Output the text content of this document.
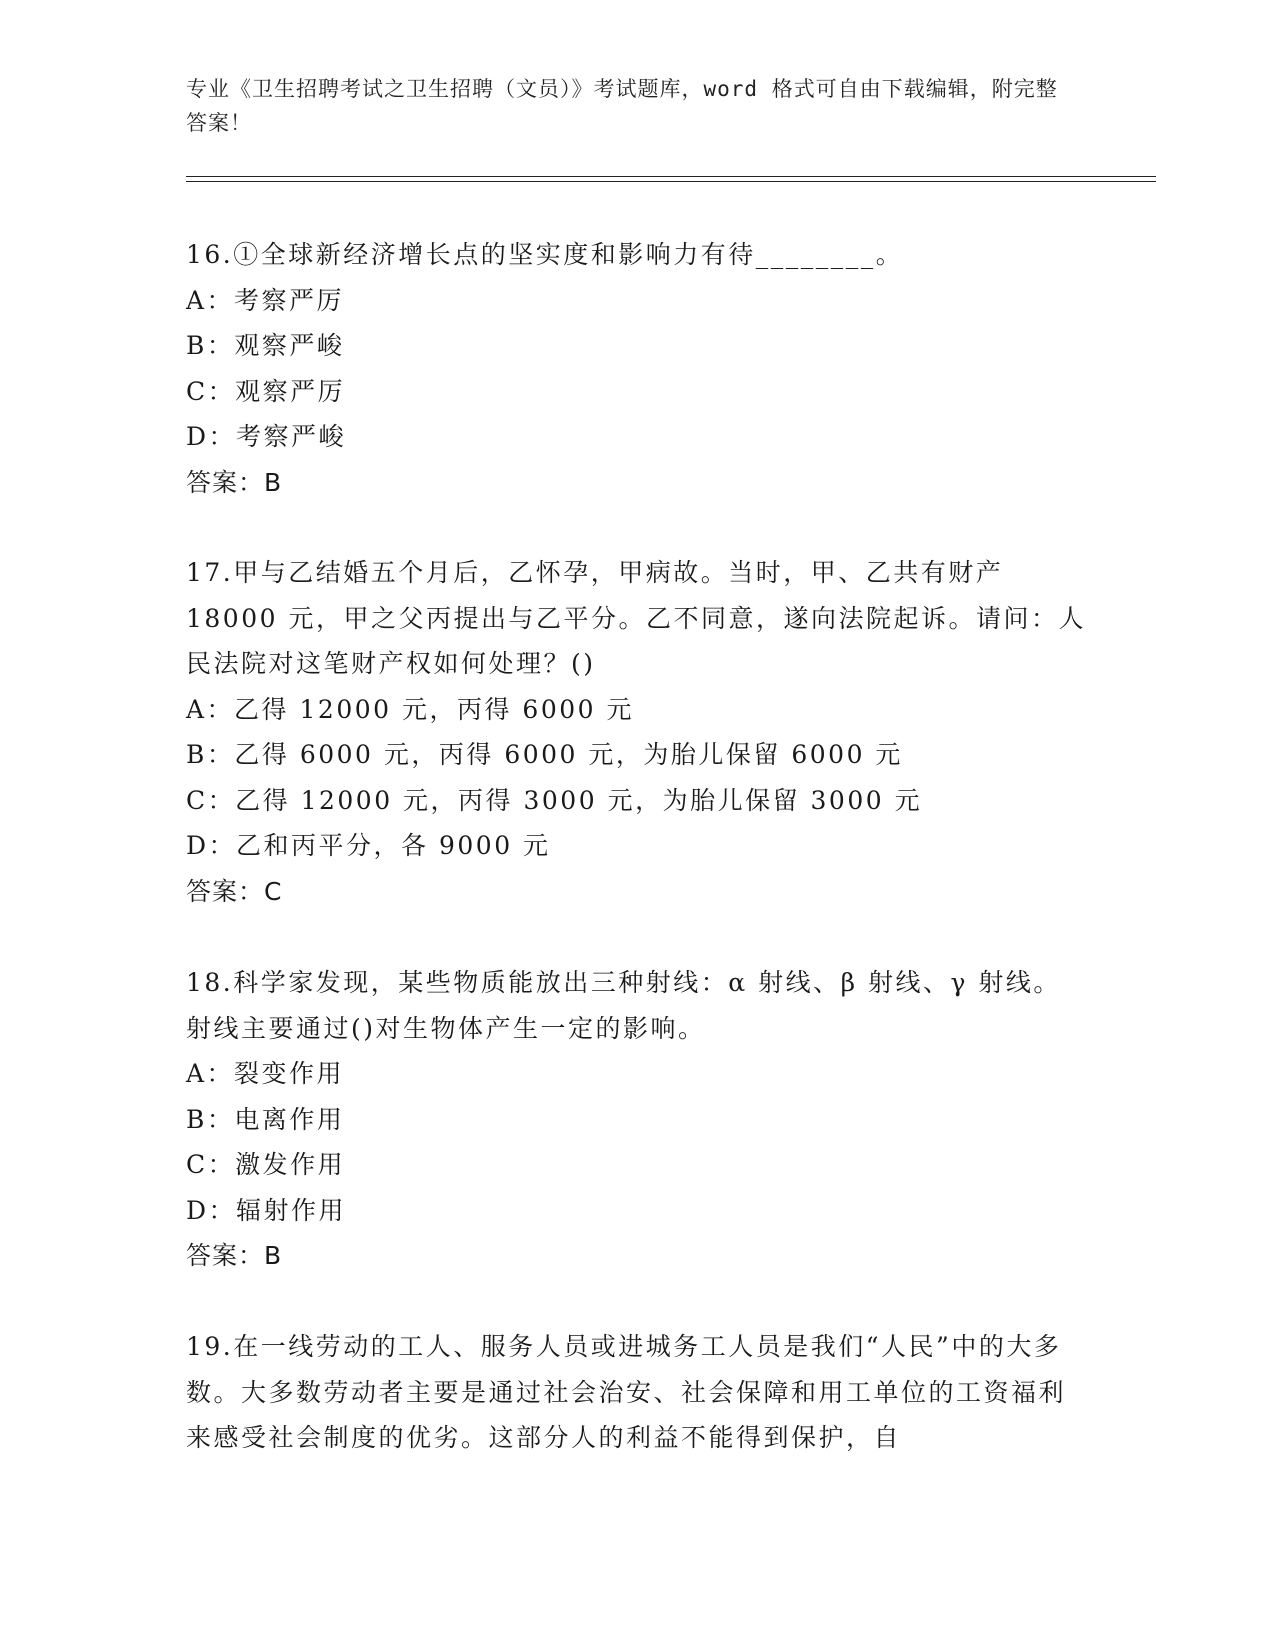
专业《卫生招聘考试之卫生招聘（文员）》考试题库，word 格式可自由下载编辑，附完整答案！
16.①全球新经济增长点的坚实度和影响力有待________。
A：考察严厉
B：观察严峻
C：观察严厉
D：考察严峻
答案：B
17.甲与乙结婚五个月后，乙怀孕，甲病故。当时，甲、乙共有财产 18000 元，甲之父丙提出与乙平分。乙不同意，遂向法院起诉。请问：人民法院对这笔财产权如何处理？()
A：乙得 12000 元，丙得 6000 元
B：乙得 6000 元，丙得 6000 元，为胎儿保留 6000 元
C：乙得 12000 元，丙得 3000 元，为胎儿保留 3000 元
D：乙和丙平分，各 9000 元
答案：C
18.科学家发现，某些物质能放出三种射线：α 射线、β 射线、γ 射线。射线主要通过()对生物体产生一定的影响。
A：裂变作用
B：电离作用
C：激发作用
D：辐射作用
答案：B
19.在一线劳动的工人、服务人员或进城务工人员是我们“人民”中的大多数。大多数劳动者主要是通过社会治安、社会保障和用工单位的工资福利来感受社会制度的优劣。这部分人的利益不能得到保护，自
